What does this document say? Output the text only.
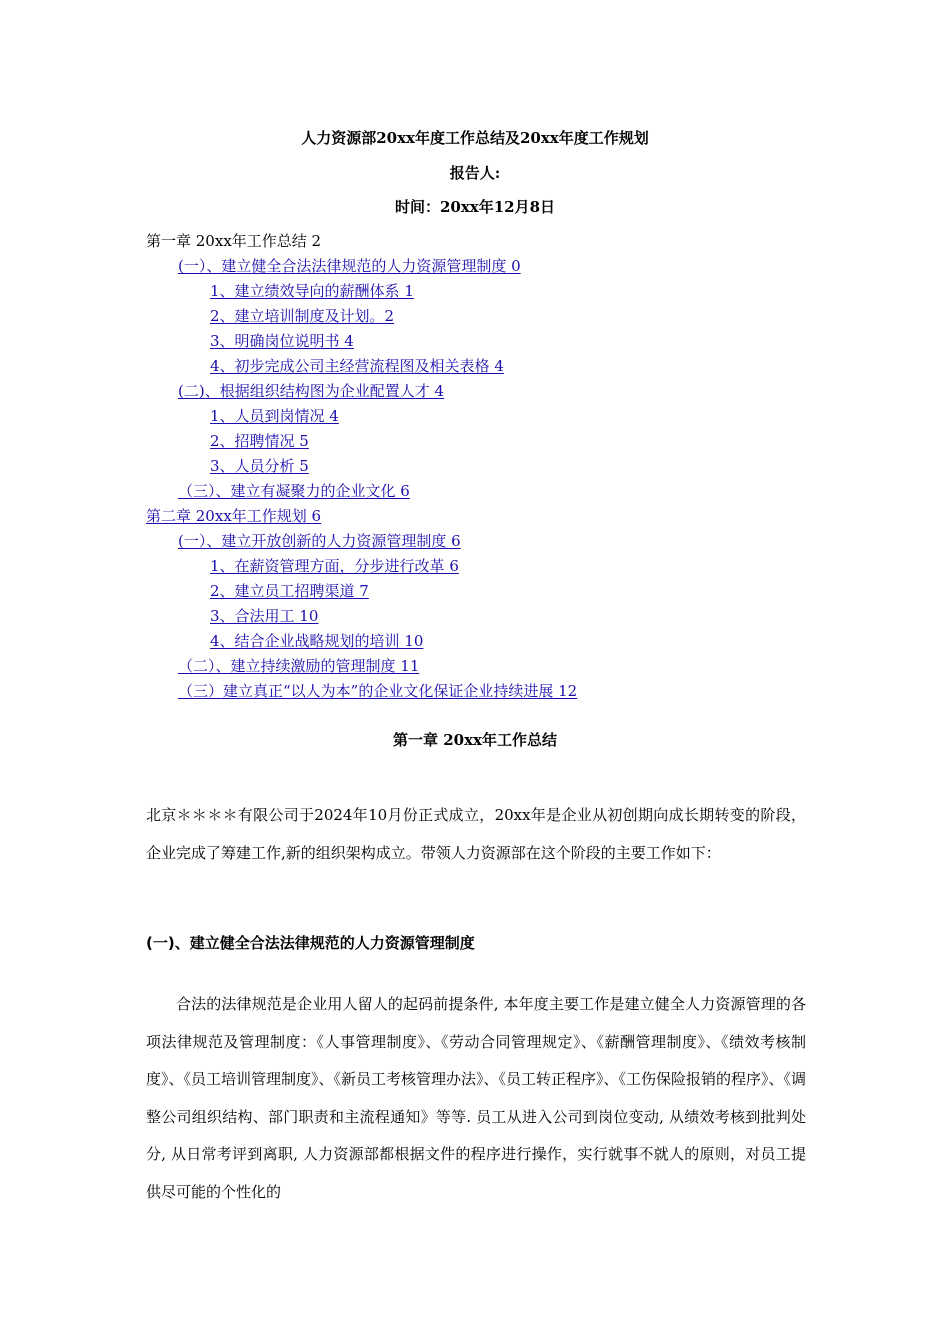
人力资源部20xx年度工作总结及20xx年度工作规划
报告人:
时间：20xx年12月8日
第一章 20xx年工作总结 2
(一）、建立健全合法法律规范的人力资源管理制度 0
1、建立绩效导向的薪酬体系 1
2、建立培训制度及计划。2
3、明确岗位说明书 4
4、初步完成公司主经营流程图及相关表格 4
(二)、根据组织结构图为企业配置人才 4
1、人员到岗情况 4
2、招聘情况 5
3、人员分析 5
（三）、建立有凝聚力的企业文化 6
第二章 20xx年工作规划 6
(一）、建立开放创新的人力资源管理制度 6
1、在薪资管理方面，分步进行改革 6
2、建立员工招聘渠道 7
3、合法用工 10
4、结合企业战略规划的培训 10
（二）、建立持续激励的管理制度 11
（三）建立真正“以人为本”的企业文化保证企业持续进展 12
第一章 20xx年工作总结
北京＊＊＊＊有限公司于2024年10月份正式成立，20xx年是企业从初创期向成长期转变的阶段，企业完成了筹建工作,新的组织架构成立。带领人力资源部在这个阶段的主要工作如下：
(一)、建立健全合法法律规范的人力资源管理制度
合法的法律规范是企业用人留人的起码前提条件, 本年度主要工作是建立健全人力资源管理的各项法律规范及管理制度：《人事管理制度》、《劳动合同管理规定》、《薪酬管理制度》、《绩效考核制度》、《员工培训管理制度》、《新员工考核管理办法》、《员工转正程序》、《工伤保险报销的程序》、《调整公司组织结构、部门职责和主流程通知》等等. 员工从进入公司到岗位变动, 从绩效考核到批判处分, 从日常考评到离职, 人力资源部都根据文件的程序进行操作，实行就事不就人的原则，对员工提供尽可能的个性化的
